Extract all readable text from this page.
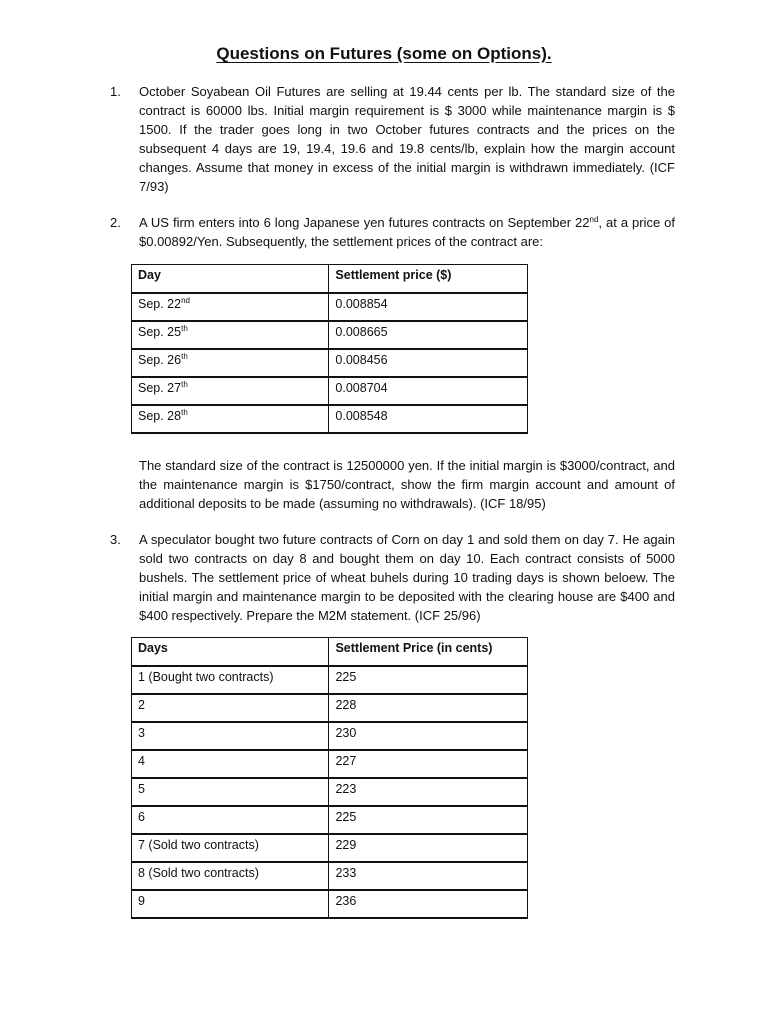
Questions on Futures (some on Options).
1. October Soyabean Oil Futures are selling at 19.44 cents per lb. The standard size of the contract is 60000 lbs. Initial margin requirement is $ 3000 while maintenance margin is $ 1500. If the trader goes long in two October futures contracts and the prices on the subsequent 4 days are 19, 19.4, 19.6 and 19.8 cents/lb, explain how the margin account changes. Assume that money in excess of the initial margin is withdrawn immediately. (ICF 7/93)
2. A US firm enters into 6 long Japanese yen futures contracts on September 22nd, at a price of $0.00892/Yen. Subsequently, the settlement prices of the contract are:
Day	Settlement price ($)
Sep. 22nd	0.008854
Sep. 25th	0.008665
Sep. 26th	0.008456
Sep. 27th	0.008704
Sep. 28th	0.008548
The standard size of the contract is 12500000 yen. If the initial margin is $3000/contract, and the maintenance margin is $1750/contract, show the firm margin account and amount of additional deposits to be made (assuming no withdrawals). (ICF 18/95)
3. A speculator bought two future contracts of Corn on day 1 and sold them on day 7. He again sold two contracts on day 8 and bought them on day 10. Each contract consists of 5000 bushels. The settlement price of wheat buhels during 10 trading days is shown beloew. The initial margin and maintenance margin to be deposited with the clearing house are $400 and $400 respectively. Prepare the M2M statement. (ICF 25/96)
Days	Settlement Price (in cents)
1 (Bought two contracts)	225
2	228
3	230
4	227
5	223
6	225
7 (Sold two contracts)	229
8 (Sold two contracts)	233
9	236
